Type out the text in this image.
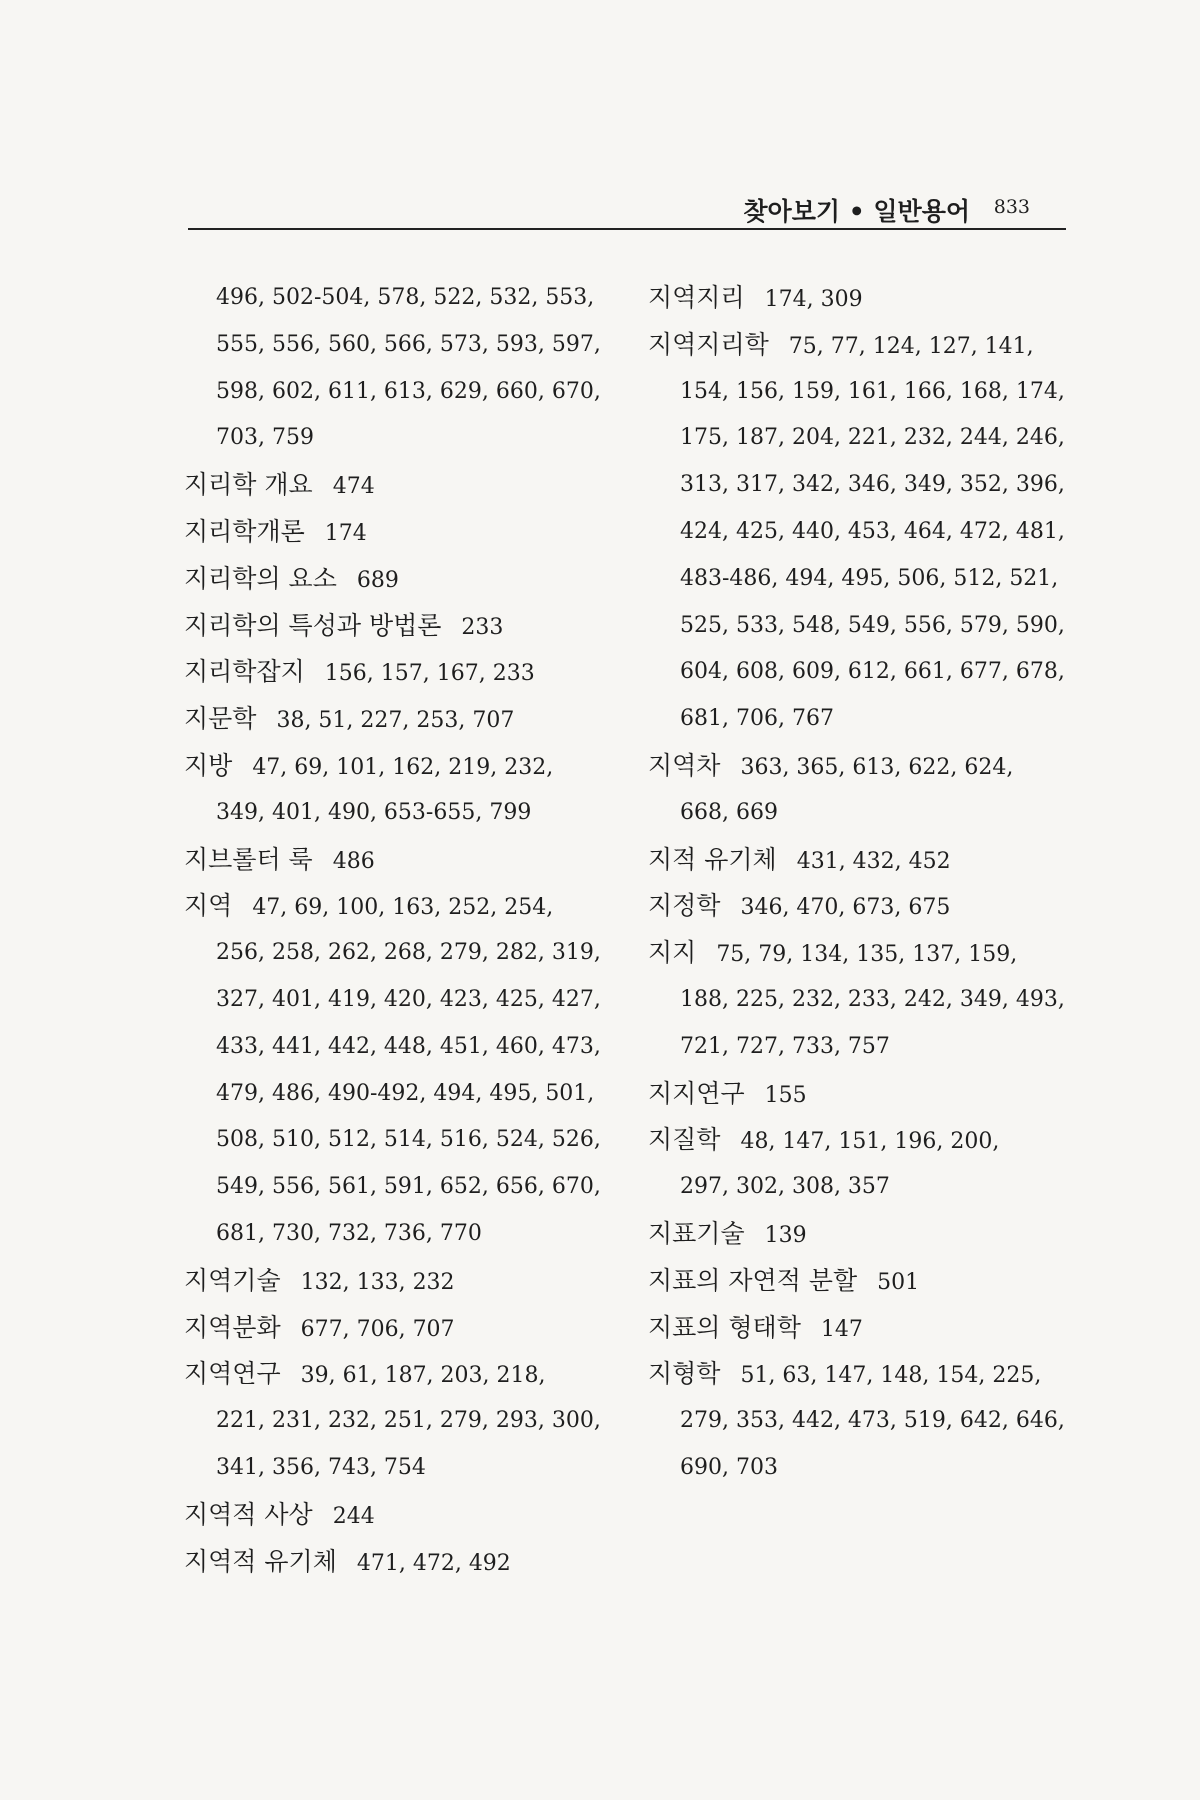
찾아보기 • 일반용어 833
496, 502-504, 578, 522, 532, 553,
555, 556, 560, 566, 573, 593, 597,
598, 602, 611, 613, 629, 660, 670,
703, 759
지리학 개요 474
지리학개론 174
지리학의 요소 689
지리학의 특성과 방법론 233
지리학잡지 156, 157, 167, 233
지문학 38, 51, 227, 253, 707
지방 47, 69, 101, 162, 219, 232,
349, 401, 490, 653-655, 799
지브롤터 룩 486
지역 47, 69, 100, 163, 252, 254,
256, 258, 262, 268, 279, 282, 319,
327, 401, 419, 420, 423, 425, 427,
433, 441, 442, 448, 451, 460, 473,
479, 486, 490-492, 494, 495, 501,
508, 510, 512, 514, 516, 524, 526,
549, 556, 561, 591, 652, 656, 670,
681, 730, 732, 736, 770
지역기술 132, 133, 232
지역분화 677, 706, 707
지역연구 39, 61, 187, 203, 218,
221, 231, 232, 251, 279, 293, 300,
341, 356, 743, 754
지역적 사상 244
지역적 유기체 471, 472, 492
지역지리 174, 309
지역지리학 75, 77, 124, 127, 141,
154, 156, 159, 161, 166, 168, 174,
175, 187, 204, 221, 232, 244, 246,
313, 317, 342, 346, 349, 352, 396,
424, 425, 440, 453, 464, 472, 481,
483-486, 494, 495, 506, 512, 521,
525, 533, 548, 549, 556, 579, 590,
604, 608, 609, 612, 661, 677, 678,
681, 706, 767
지역차 363, 365, 613, 622, 624,
668, 669
지적 유기체 431, 432, 452
지정학 346, 470, 673, 675
지지 75, 79, 134, 135, 137, 159,
188, 225, 232, 233, 242, 349, 493,
721, 727, 733, 757
지지연구 155
지질학 48, 147, 151, 196, 200,
297, 302, 308, 357
지표기술 139
지표의 자연적 분할 501
지표의 형태학 147
지형학 51, 63, 147, 148, 154, 225,
279, 353, 442, 473, 519, 642, 646,
690, 703
